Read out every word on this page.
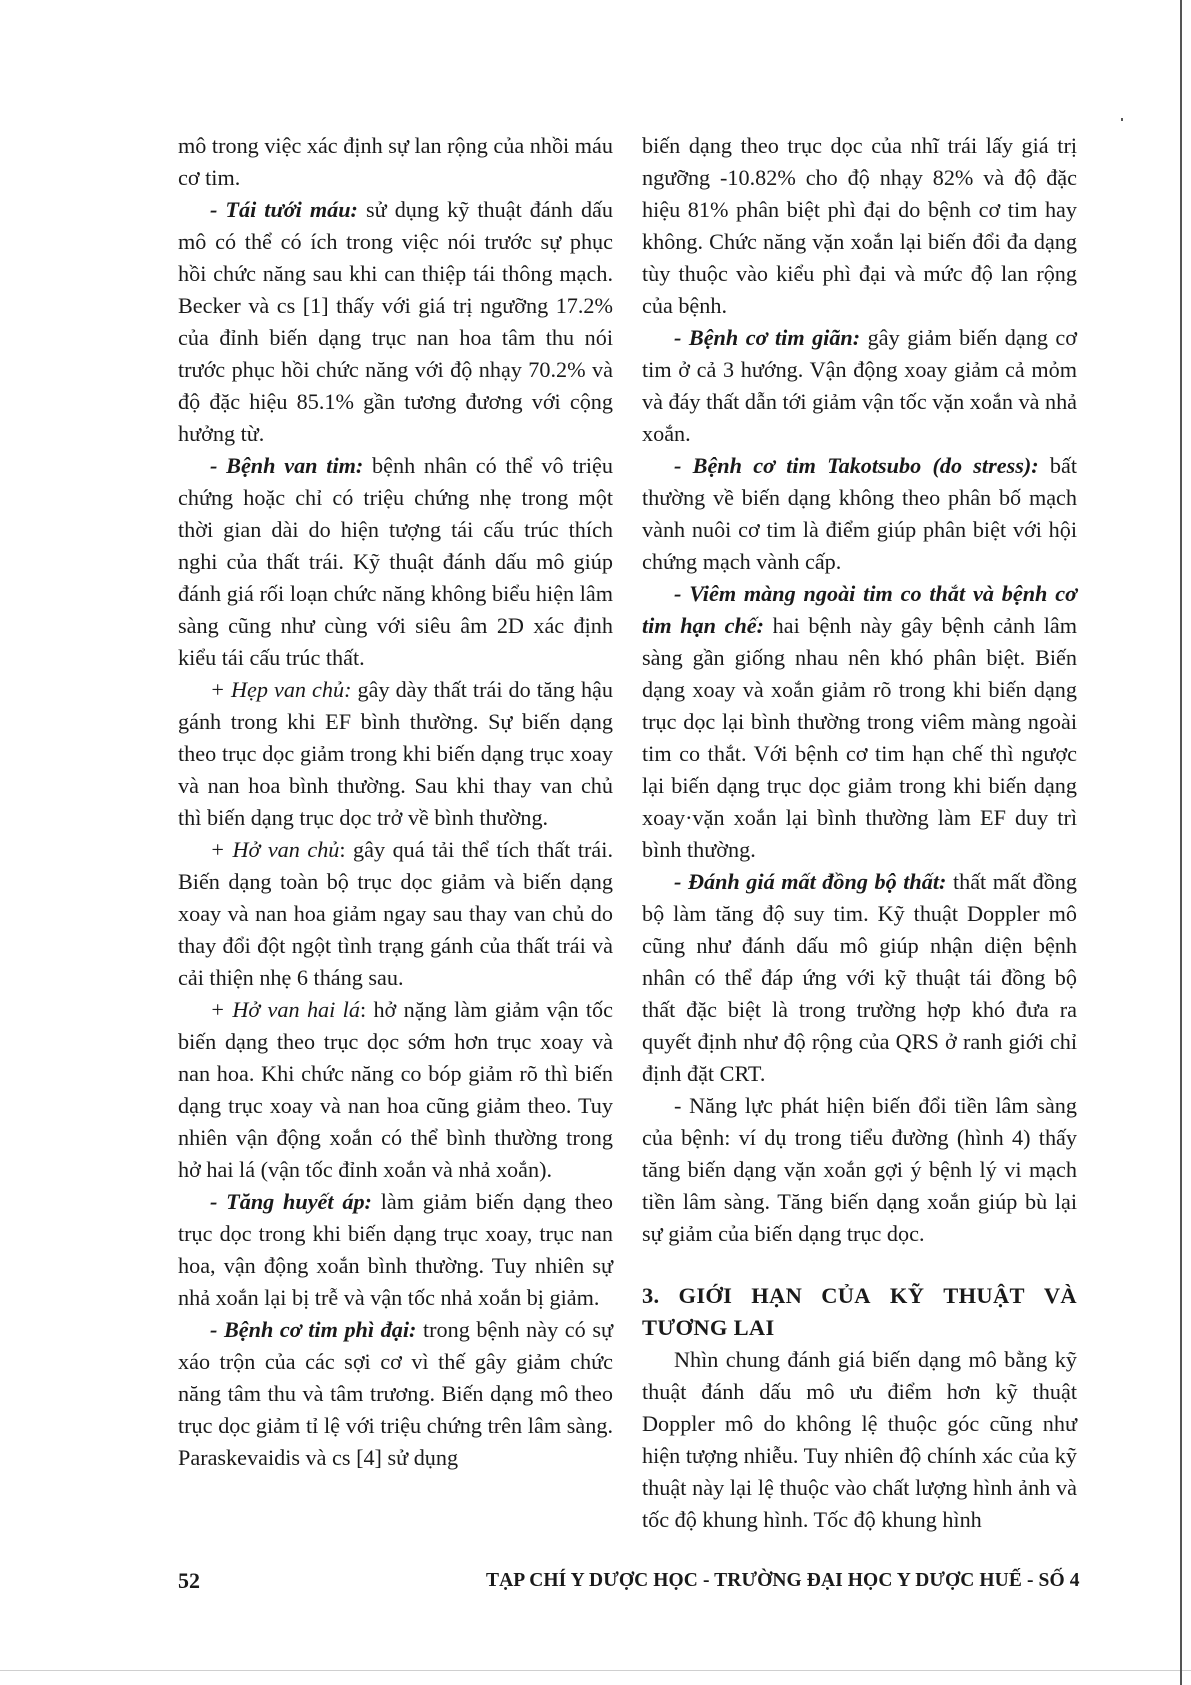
mô trong việc xác định sự lan rộng của nhồi máu cơ tim.

- Tái tưới máu: sử dụng kỹ thuật đánh dấu mô có thể có ích trong việc nói trước sự phục hồi chức năng sau khi can thiệp tái thông mạch. Becker và cs [1] thấy với giá trị ngưỡng 17.2% của đỉnh biến dạng trục nan hoa tâm thu nói trước phục hồi chức năng với độ nhạy 70.2% và độ đặc hiệu 85.1% gần tương đương với cộng hưởng từ.

- Bệnh van tim: bệnh nhân có thể vô triệu chứng hoặc chỉ có triệu chứng nhẹ trong một thời gian dài do hiện tượng tái cấu trúc thích nghi của thất trái. Kỹ thuật đánh dấu mô giúp đánh giá rối loạn chức năng không biểu hiện lâm sàng cũng như cùng với siêu âm 2D xác định kiểu tái cấu trúc thất.

+ Hẹp van chủ: gây dày thất trái do tăng hậu gánh trong khi EF bình thường. Sự biến dạng theo trục dọc giảm trong khi biến dạng trục xoay và nan hoa bình thường. Sau khi thay van chủ thì biến dạng trục dọc trở về bình thường.

+ Hở van chủ: gây quá tải thể tích thất trái. Biến dạng toàn bộ trục dọc giảm và biến dạng xoay và nan hoa giảm ngay sau thay van chủ do thay đổi đột ngột tình trạng gánh của thất trái và cải thiện nhẹ 6 tháng sau.

+ Hở van hai lá: hở nặng làm giảm vận tốc biến dạng theo trục dọc sớm hơn trục xoay và nan hoa. Khi chức năng co bóp giảm rõ thì biến dạng trục xoay và nan hoa cũng giảm theo. Tuy nhiên vận động xoắn có thể bình thường trong hở hai lá (vận tốc đỉnh xoắn và nhả xoắn).

- Tăng huyết áp: làm giảm biến dạng theo trục dọc trong khi biến dạng trục xoay, trục nan hoa, vận động xoắn bình thường. Tuy nhiên sự nhả xoắn lại bị trễ và vận tốc nhả xoắn bị giảm.

- Bệnh cơ tim phì đại: trong bệnh này có sự xáo trộn của các sợi cơ vì thế gây giảm chức năng tâm thu và tâm trương. Biến dạng mô theo trục dọc giảm tỉ lệ với triệu chứng trên lâm sàng. Paraskevaidis và cs [4] sử dụng

biến dạng theo trục dọc của nhĩ trái lấy giá trị ngưỡng -10.82% cho độ nhạy 82% và độ đặc hiệu 81% phân biệt phì đại do bệnh cơ tim hay không. Chức năng vặn xoắn lại biến đổi đa dạng tùy thuộc vào kiểu phì đại và mức độ lan rộng của bệnh.

- Bệnh cơ tim giãn: gây giảm biến dạng cơ tim ở cả 3 hướng. Vận động xoay giảm cả mỏm và đáy thất dẫn tới giảm vận tốc vặn xoắn và nhả xoắn.

- Bệnh cơ tim Takotsubo (do stress): bất thường về biến dạng không theo phân bố mạch vành nuôi cơ tim là điểm giúp phân biệt với hội chứng mạch vành cấp.

- Viêm màng ngoài tim co thắt và bệnh cơ tim hạn chế: hai bệnh này gây bệnh cảnh lâm sàng gần giống nhau nên khó phân biệt. Biến dạng xoay và xoắn giảm rõ trong khi biến dạng trục dọc lại bình thường trong viêm màng ngoài tim co thắt. Với bệnh cơ tim hạn chế thì ngược lại biến dạng trục dọc giảm trong khi biến dạng xoay·vặn xoắn lại bình thường làm EF duy trì bình thường.

- Đánh giá mất đồng bộ thất: thất mất đồng bộ làm tăng độ suy tim. Kỹ thuật Doppler mô cũng như đánh dấu mô giúp nhận diện bệnh nhân có thể đáp ứng với kỹ thuật tái đồng bộ thất đặc biệt là trong trường hợp khó đưa ra quyết định như độ rộng của QRS ở ranh giới chỉ định đặt CRT.

- Năng lực phát hiện biến đổi tiền lâm sàng của bệnh: ví dụ trong tiểu đường (hình 4) thấy tăng biến dạng vặn xoắn gợi ý bệnh lý vi mạch tiền lâm sàng. Tăng biến dạng xoắn giúp bù lại sự giảm của biến dạng trục dọc.

3. GIỚI HẠN CỦA KỸ THUẬT VÀ
TƯƠNG LAI

Nhìn chung đánh giá biến dạng mô bằng kỹ thuật đánh dấu mô ưu điểm hơn kỹ thuật Doppler mô do không lệ thuộc góc cũng như hiện tượng nhiễu. Tuy nhiên độ chính xác của kỹ thuật này lại lệ thuộc vào chất lượng hình ảnh và tốc độ khung hình. Tốc độ khung hình

52	TẠP CHÍ Y DƯỢC HỌC - TRƯỜNG ĐẠI HỌC Y DƯỢC HUẾ - SỐ 4
